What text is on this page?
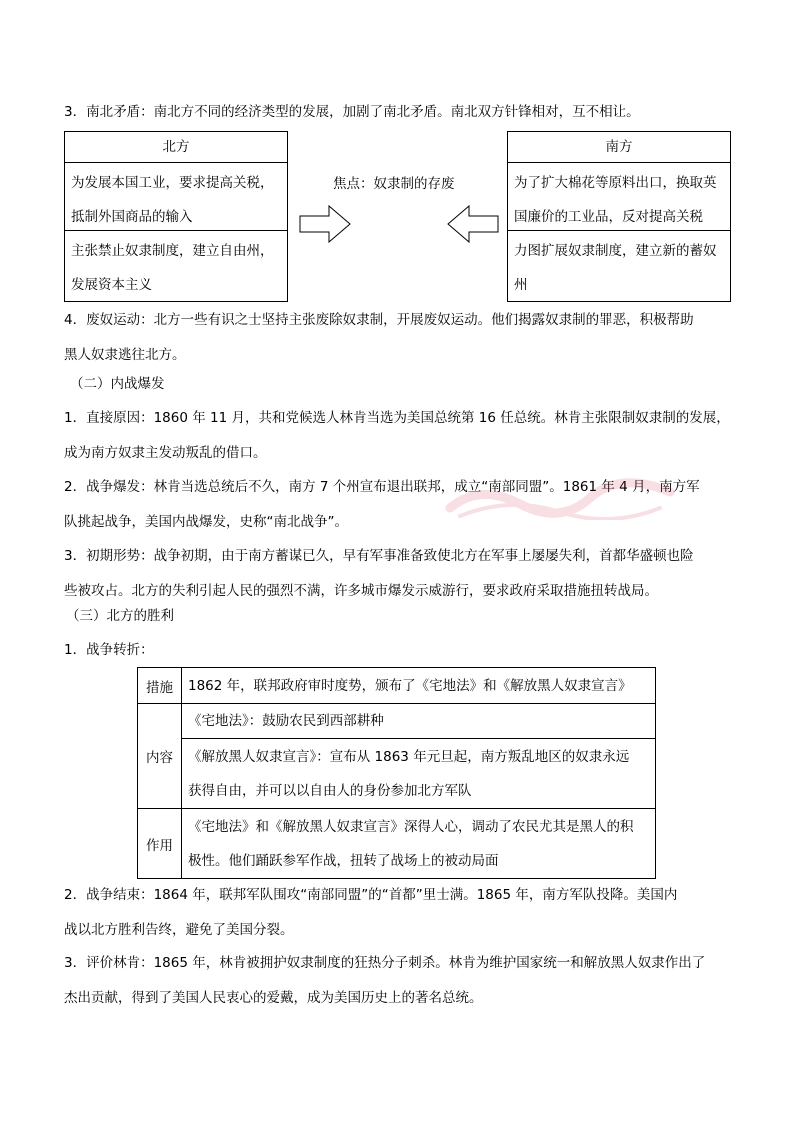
3．南北矛盾：南北方不同的经济类型的发展，加剧了南北矛盾。南北双方针锋相对，互不相让。
北方
为发展本国工业，要求提高关税，
抵制外国商品的输入
主张禁止奴隶制度，建立自由州，
发展资本主义
焦点：奴隶制的存废
南方
为了扩大棉花等原料出口，换取英
国廉价的工业品，反对提高关税
力图扩展奴隶制度，建立新的蓄奴
州
4．废奴运动：北方一些有识之士坚持主张废除奴隶制，开展废奴运动。他们揭露奴隶制的罪恶，积极帮助
黑人奴隶逃往北方。
（二）内战爆发
1．直接原因：1860 年 11 月，共和党候选人林肯当选为美国总统第 16 任总统。林肯主张限制奴隶制的发展，
成为南方奴隶主发动叛乱的借口。
2．战争爆发：林肯当选总统后不久，南方 7 个州宣布退出联邦，成立“南部同盟”。1861 年 4 月，南方军
队挑起战争，美国内战爆发，史称“南北战争”。
3．初期形势：战争初期，由于南方蓄谋已久，早有军事准备致使北方在军事上屡屡失利，首都华盛顿也险
些被攻占。北方的失利引起人民的强烈不满，许多城市爆发示威游行，要求政府采取措施扭转战局。
（三）北方的胜利
1．战争转折：
措施	1862 年，联邦政府审时度势，颁布了《宅地法》和《解放黑人奴隶宣言》
内容	《宅地法》：鼓励农民到西部耕种

	《解放黑人奴隶宣言》：宣布从 1863 年元旦起，南方叛乱地区的奴隶永远
获得自由，并可以以自由人的身份参加北方军队

作用	《宅地法》和《解放黑人奴隶宣言》深得人心，调动了农民尤其是黑人的积
极性。他们踊跃参军作战，扭转了战场上的被动局面
2．战争结束：1864 年，联邦军队围攻“南部同盟”的“首都”里士满。1865 年，南方军队投降。美国内
战以北方胜利告终，避免了美国分裂。
3．评价林肯：1865 年，林肯被拥护奴隶制度的狂热分子刺杀。林肯为维护国家统一和解放黑人奴隶作出了
杰出贡献，得到了美国人民衷心的爱戴，成为美国历史上的著名总统。
